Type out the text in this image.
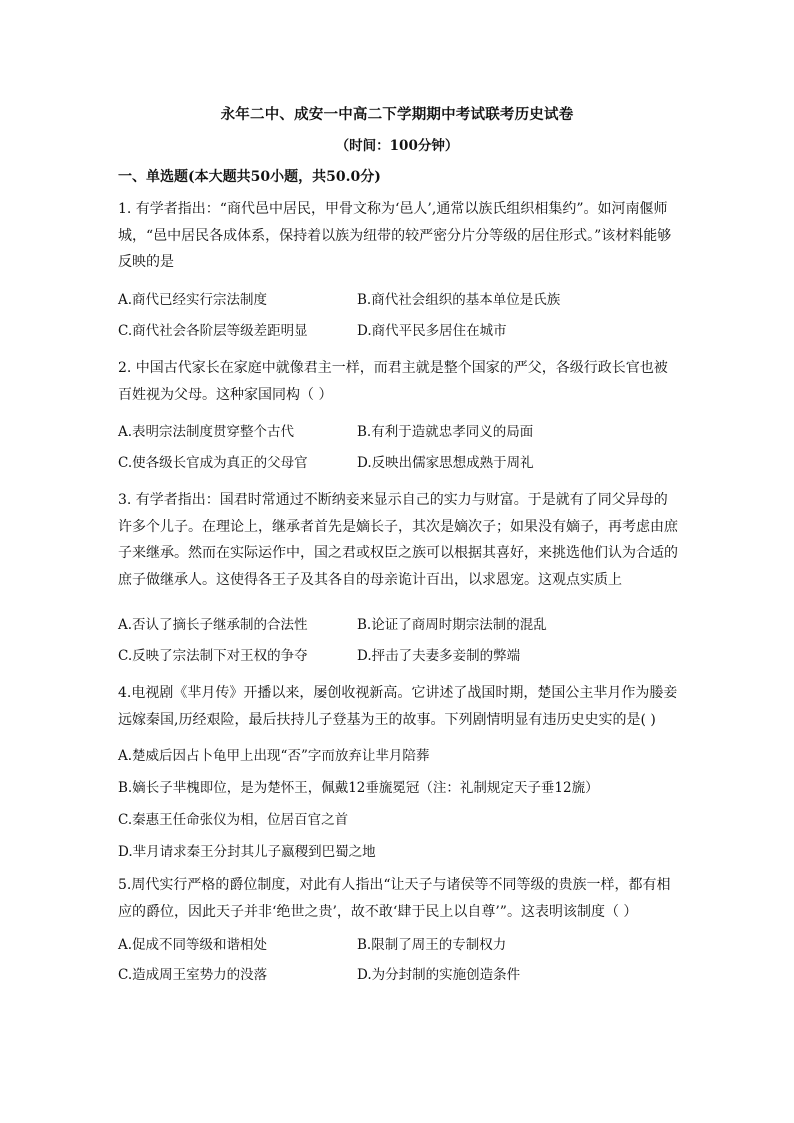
永年二中、成安一中高二下学期期中考试联考历史试卷
（时间：100分钟）
一、单选题(本大题共50小题，共50.0分)
1. 有学者指出：“商代邑中居民，甲骨文称为‘邑人’,通常以族氏组织相集约”。如河南偃师城，“邑中居民各成体系，保持着以族为纽带的较严密分片分等级的居住形式。”该材料能够反映的是
A.商代已经实行宗法制度	B.商代社会组织的基本单位是氏族
C.商代社会各阶层等级差距明显	D.商代平民多居住在城市
2. 中国古代家长在家庭中就像君主一样，而君主就是整个国家的严父，各级行政长官也被百姓视为父母。这种家国同构（ ）
A.表明宗法制度贯穿整个古代	B.有利于造就忠孝同义的局面
C.使各级长官成为真正的父母官	D.反映出儒家思想成熟于周礼
3. 有学者指出：国君时常通过不断纳妾来显示自己的实力与财富。于是就有了同父异母的许多个儿子。在理论上，继承者首先是嫡长子，其次是嫡次子；如果没有嫡子，再考虑由庶子来继承。然而在实际运作中，国之君或权臣之族可以根据其喜好，来挑选他们认为合适的庶子做继承人。这使得各王子及其各自的母亲诡计百出，以求恩宠。这观点实质上
A.否认了摘长子继承制的合法性	B.论证了商周时期宗法制的混乱
C.反映了宗法制下对王权的争夺	D.抨击了夫妻多妾制的弊端
4.电视剧《芈月传》开播以来，屡创收视新高。它讲述了战国时期，楚国公主芈月作为媵妾远嫁秦国,历经艰险，最后扶持儿子登基为王的故事。下列剧情明显有违历史史实的是( )
A.楚威后因占卜龟甲上出现“否”字而放弃让芈月陪葬
B.嫡长子芈槐即位，是为楚怀王，佩戴12垂旒冕冠（注：礼制规定天子垂12旒）
C.秦惠王任命张仪为相，位居百官之首
D.芈月请求秦王分封其儿子嬴稷到巴蜀之地
5.周代实行严格的爵位制度，对此有人指出“让天子与诸侯等不同等级的贵族一样，都有相应的爵位，因此天子并非‘绝世之贵’，故不敢‘肆于民上以自尊’”。这表明该制度（ ）
A.促成不同等级和谐相处	B.限制了周王的专制权力
C.造成周王室势力的没落	D.为分封制的实施创造条件
